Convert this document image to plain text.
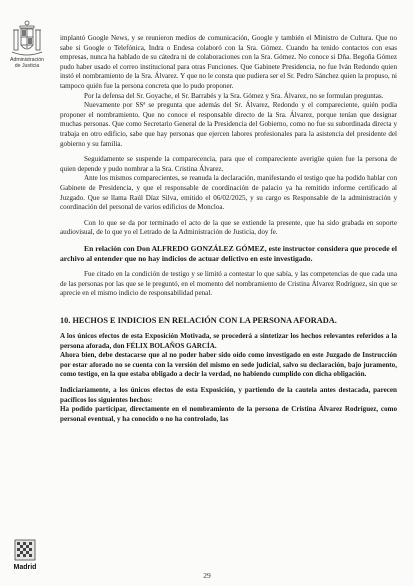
Administración
de Justicia

implantó Google News, y se reunieron medios de comunicación, Google y también el Ministro de Cultura. Que no sabe si Google o Telefónica, Indra o Endesa colaboró con la Sra. Gómez. Cuando ha tenido contactos con esas empresas, nunca ha hablado de su cátedra ni de colaboraciones con la Sra. Gómez. No conoce si Dña. Begoña Gómez pudo haber usado el correo institucional para otras Funciones. Que Gabinete Presidencia, no fue Iván Redondo quien instó el nombramiento de la Sra. Álvarez. Y que no le consta que pudiera ser el Sr. Pedro Sánchez quien la propuso, ni tampoco quién fue la persona concreta que lo pudo proponer.

Por la defensa del Sr. Goyache, el Sr. Barrabés y la Sra. Gómez y Sra. Álvarez, no se formulan preguntas.

Nuevamente por SSª se pregunta que además del Sr. Álvarez, Redondo y el compareciente, quién podía proponer el nombramiento. Que no conoce el responsable directo de la Sra. Álvarez, porque tenían que designar muchas personas. Que como Secretario General de la Presidencia del Gobierno, como no fue su subordinada directa y trabaja en otro edificio, sabe que hay personas que ejercen labores profesionales para la asistencia del presidente del gobierno y su familia.

Seguidamente se suspende la comparecencia, para que el compareciente averigüe quien fue la persona de quien depende y pudo nombrar a la Sra. Cristina Álvarez.

Ante los mismos comparecientes, se reanuda la declaración, manifestando el testigo que ha podido hablar con Gabinete de Presidencia, y que el responsable de coordinación de palacio ya ha remitido informe certificado al Juzgado. Que se llama Raúl Díaz Silva, emitido el 06/02/2025, y su cargo es Responsable de la administración y coordinación del personal de varios edificios de Moncloa.

Con lo que se da por terminado el acto de la que se extiende la presente, que ha sido grabada en soporte audiovisual, de lo que yo el Letrado de la Administración de Justicia, doy fe.

En relación con Don ALFREDO GONZÁLEZ GÓMEZ, este instructor considera que procede el archivo al entender que no hay indicios de actuar delictivo en este investigado.

Fue citado en la condición de testigo y se limitó a contestar lo que sabía, y las competencias de que cada una de las personas por las que se le preguntó, en el momento del nombramiento de Cristina Álvarez Rodríguez, sin que se aprecie en el mismo indicio de responsabilidad penal.

10. HECHOS E INDICIOS EN RELACIÓN CON LA PERSONA AFORADA.

A los únicos efectos de esta Exposición Motivada, se procederá a sintetizar los hechos relevantes referidos a la persona aforada, don FÉLIX BOLAÑOS GARCÍA.

Ahora bien, debe destacarse que al no poder haber sido oído como investigado en este Juzgado de Instrucción por estar aforado no se cuenta con la versión del mismo en sede judicial, salvo su declaración, bajo juramento, como testigo, en la que estaba obligado a decir la verdad, no habiendo cumplido con dicha obligación.

Indiciariamente, a los únicos efectos de esta Exposición, y partiendo de la cautela antes destacada, parecen pacíficos los siguientes hechos:

Ha podido participar, directamente en el nombramiento de la persona de Cristina Álvarez Rodríguez, como personal eventual, y ha conocido o no ha controlado, las

Madrid
29
